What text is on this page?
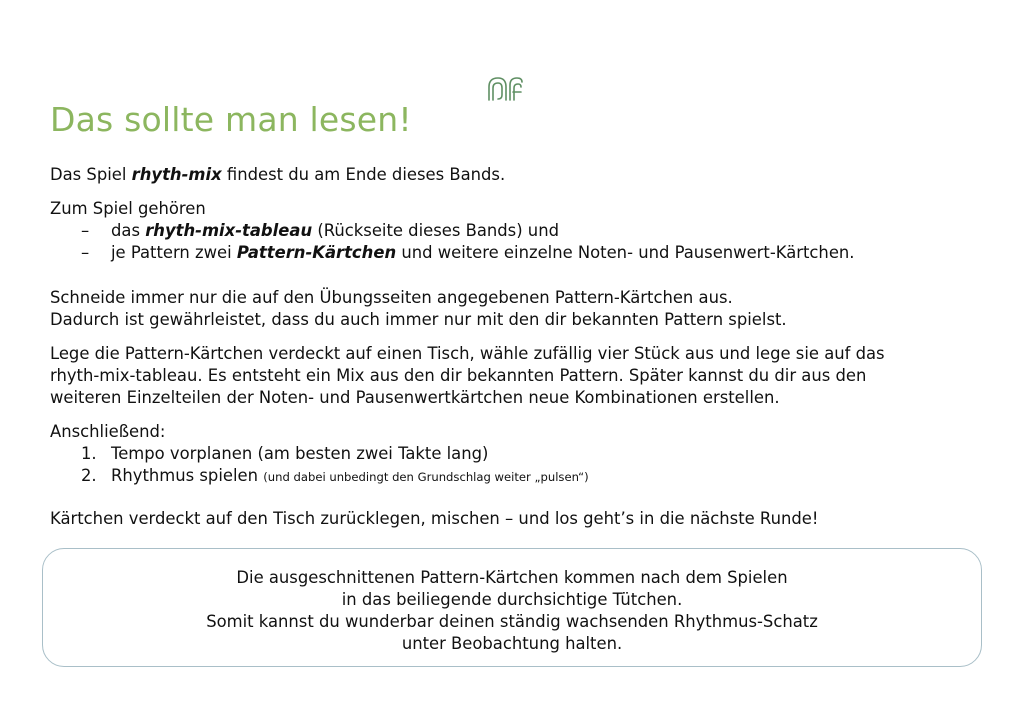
Das sollte man lesen!

Das Spiel rhyth-mix findest du am Ende dieses Bands.

Zum Spiel gehören

–	das rhyth-mix-tableau (Rückseite dieses Bands) und
–	je Pattern zwei Pattern-Kärtchen und weitere einzelne Noten- und Pausenwert-Kärtchen.

Schneide immer nur die auf den Übungsseiten angegebenen Pattern-Kärtchen aus.
Dadurch ist gewährleistet, dass du auch immer nur mit den dir bekannten Pattern spielst.

Lege die Pattern-Kärtchen verdeckt auf einen Tisch, wähle zufällig vier Stück aus und lege sie auf das
rhyth-mix-tableau. Es entsteht ein Mix aus den dir bekannten Pattern. Später kannst du dir aus den
weiteren Einzelteilen der Noten- und Pausenwertkärtchen neue Kombinationen erstellen.

Anschließend:

1. Tempo vorplanen (am besten zwei Takte lang)
2. Rhythmus spielen (und dabei unbedingt den Grundschlag weiter „pulsen“)

Kärtchen verdeckt auf den Tisch zurücklegen, mischen – und los geht’s in die nächste Runde!

Die ausgeschnittenen Pattern-Kärtchen kommen nach dem Spielen
in das beiliegende durchsichtige Tütchen.
Somit kannst du wunderbar deinen ständig wachsenden Rhythmus-Schatz
unter Beobachtung halten.
